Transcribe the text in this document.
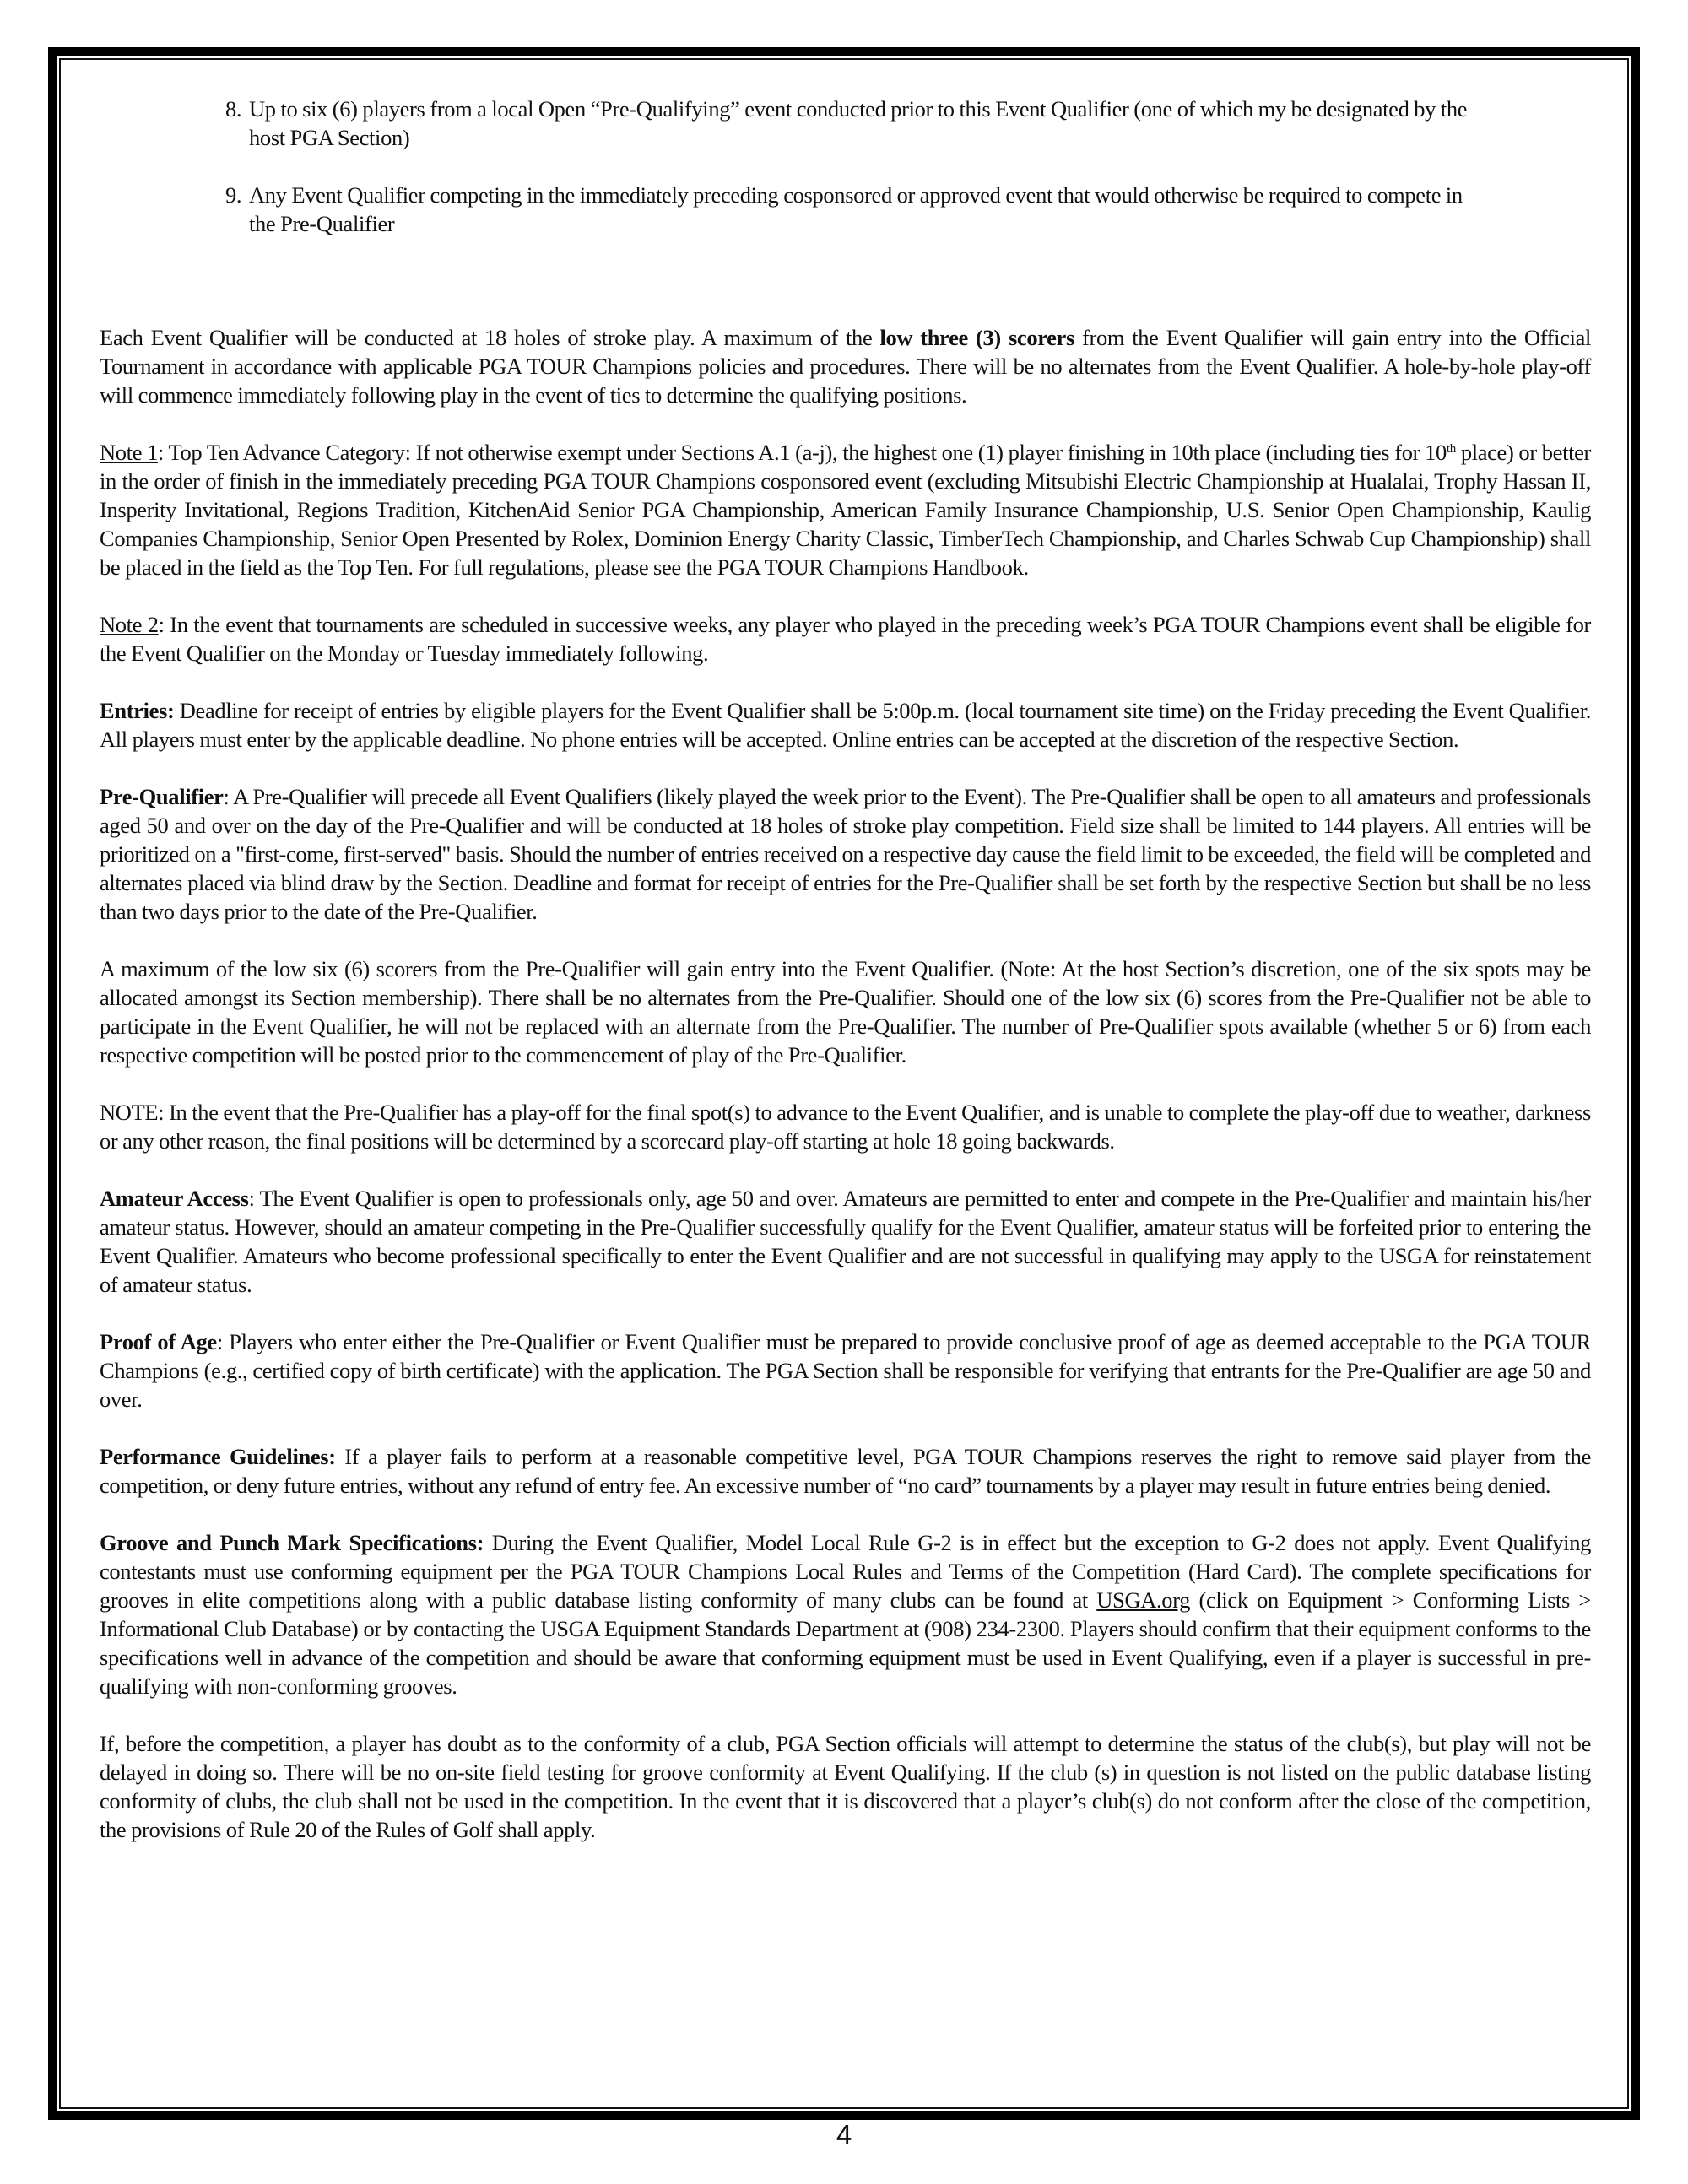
8. Up to six (6) players from a local Open “Pre-Qualifying” event conducted prior to this Event Qualifier (one of which my be designated by the host PGA Section)
9. Any Event Qualifier competing in the immediately preceding cosponsored or approved event that would otherwise be required to compete in the Pre-Qualifier

Each Event Qualifier will be conducted at 18 holes of stroke play. A maximum of the low three (3) scorers from the Event Qualifier will gain entry into the Official Tournament in accordance with applicable PGA TOUR Champions policies and procedures. There will be no alternates from the Event Qualifier. A hole-by-hole play-off will commence immediately following play in the event of ties to determine the qualifying positions.

Note 1: Top Ten Advance Category: If not otherwise exempt under Sections A.1 (a-j), the highest one (1) player finishing in 10th place (including ties for 10th place) or better in the order of finish in the immediately preceding PGA TOUR Champions cosponsored event (excluding Mitsubishi Electric Championship at Hualalai, Trophy Hassan II, Insperity Invitational, Regions Tradition, KitchenAid Senior PGA Championship, American Family Insurance Championship, U.S. Senior Open Championship, Kaulig Companies Championship, Senior Open Presented by Rolex, Dominion Energy Charity Classic, TimberTech Championship, and Charles Schwab Cup Championship) shall be placed in the field as the Top Ten. For full regulations, please see the PGA TOUR Champions Handbook.

Note 2: In the event that tournaments are scheduled in successive weeks, any player who played in the preceding week’s PGA TOUR Champions event shall be eligible for the Event Qualifier on the Monday or Tuesday immediately following.

Entries: Deadline for receipt of entries by eligible players for the Event Qualifier shall be 5:00p.m. (local tournament site time) on the Friday preceding the Event Qualifier. All players must enter by the applicable deadline. No phone entries will be accepted. Online entries can be accepted at the discretion of the respective Section.

Pre-Qualifier: A Pre-Qualifier will precede all Event Qualifiers (likely played the week prior to the Event). The Pre-Qualifier shall be open to all amateurs and professionals aged 50 and over on the day of the Pre-Qualifier and will be conducted at 18 holes of stroke play competition. Field size shall be limited to 144 players. All entries will be prioritized on a "first-come, first-served" basis. Should the number of entries received on a respective day cause the field limit to be exceeded, the field will be completed and alternates placed via blind draw by the Section. Deadline and format for receipt of entries for the Pre-Qualifier shall be set forth by the respective Section but shall be no less than two days prior to the date of the Pre-Qualifier.

A maximum of the low six (6) scorers from the Pre-Qualifier will gain entry into the Event Qualifier. (Note: At the host Section’s discretion, one of the six spots may be allocated amongst its Section membership). There shall be no alternates from the Pre-Qualifier. Should one of the low six (6) scores from the Pre-Qualifier not be able to participate in the Event Qualifier, he will not be replaced with an alternate from the Pre-Qualifier. The number of Pre-Qualifier spots available (whether 5 or 6) from each respective competition will be posted prior to the commencement of play of the Pre-Qualifier.

NOTE: In the event that the Pre-Qualifier has a play-off for the final spot(s) to advance to the Event Qualifier, and is unable to complete the play-off due to weather, darkness or any other reason, the final positions will be determined by a scorecard play-off starting at hole 18 going backwards.

Amateur Access: The Event Qualifier is open to professionals only, age 50 and over. Amateurs are permitted to enter and compete in the Pre-Qualifier and maintain his/her amateur status. However, should an amateur competing in the Pre-Qualifier successfully qualify for the Event Qualifier, amateur status will be forfeited prior to entering the Event Qualifier. Amateurs who become professional specifically to enter the Event Qualifier and are not successful in qualifying may apply to the USGA for reinstatement of amateur status.

Proof of Age: Players who enter either the Pre-Qualifier or Event Qualifier must be prepared to provide conclusive proof of age as deemed acceptable to the PGA TOUR Champions (e.g., certified copy of birth certificate) with the application. The PGA Section shall be responsible for verifying that entrants for the Pre-Qualifier are age 50 and over.

Performance Guidelines: If a player fails to perform at a reasonable competitive level, PGA TOUR Champions reserves the right to remove said player from the competition, or deny future entries, without any refund of entry fee. An excessive number of “no card” tournaments by a player may result in future entries being denied.

Groove and Punch Mark Specifications: During the Event Qualifier, Model Local Rule G-2 is in effect but the exception to G-2 does not apply. Event Qualifying contestants must use conforming equipment per the PGA TOUR Champions Local Rules and Terms of the Competition (Hard Card). The complete specifications for grooves in elite competitions along with a public database listing conformity of many clubs can be found at USGA.org (click on Equipment > Conforming Lists > Informational Club Database) or by contacting the USGA Equipment Standards Department at (908) 234-2300. Players should confirm that their equipment conforms to the specifications well in advance of the competition and should be aware that conforming equipment must be used in Event Qualifying, even if a player is successful in pre-qualifying with non-conforming grooves.

If, before the competition, a player has doubt as to the conformity of a club, PGA Section officials will attempt to determine the status of the club(s), but play will not be delayed in doing so. There will be no on-site field testing for groove conformity at Event Qualifying. If the club (s) in question is not listed on the public database listing conformity of clubs, the club shall not be used in the competition. In the event that it is discovered that a player’s club(s) do not conform after the close of the competition, the provisions of Rule 20 of the Rules of Golf shall apply.

4
